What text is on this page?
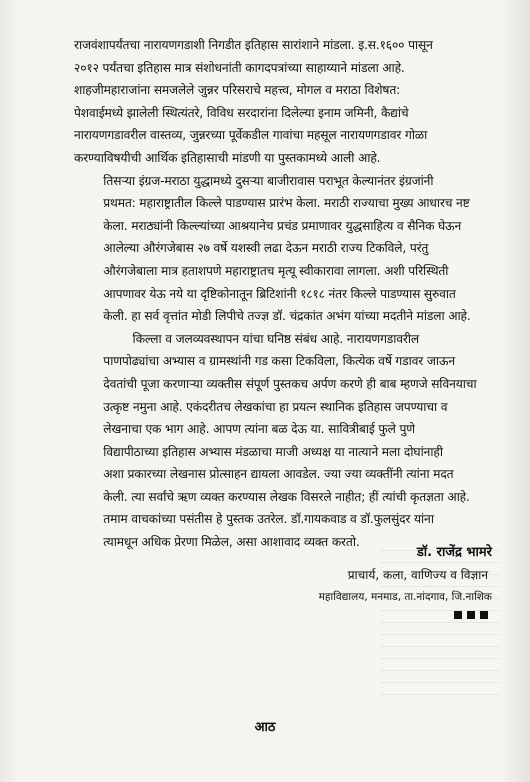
राजवंशापर्यंतचा नारायणगडाशी निगडीत इतिहास सारांशाने मांडला. इ.स.१६०० पासून
२०१२ पर्यंतचा इतिहास मात्र संशोधनांती कागदपत्रांच्या साहाय्याने मांडला आहे.
शाहजीमहाराजांना समजलेले जुन्नर परिसराचे महत्त्व, मोगल व मराठा विशेषत:
पेशवाईमध्ये झालेली स्थित्यंतरे, विविध सरदारांना दिलेल्या इनाम जमिनी, कैद्यांचे
नारायणगडावरील वास्तव्य, जुन्नरच्या पूर्वेकडील गावांचा महसूल नारायणगडावर गोळा
करण्याविषयीची आर्थिक इतिहासाची मांडणी या पुस्तकामध्ये आली आहे.

तिसऱ्या इंग्रज-मराठा युद्धामध्ये दुसऱ्या बाजीरावास पराभूत केल्यानंतर इंग्रजांनी
प्रथमत: महाराष्ट्रातील किल्ले पाडण्यास प्रारंभ केला. मराठी राज्याचा मुख्य आधारच नष्ट
केला. मराठ्यांनी किल्ल्यांच्या आश्रयानेच प्रचंड प्रमाणावर युद्धसाहित्य व सैनिक घेऊन
आलेल्या औरंगजेबास २७ वर्षे यशस्वी लढा देऊन मराठी राज्य टिकविले, परंतु
औरंगजेबाला मात्र हताशपणे महाराष्ट्रातच मृत्यू स्वीकारावा लागला. अशी परिस्थिती
आपणावर येऊ नये या दृष्टिकोनातून ब्रिटिशांनी १८१८ नंतर किल्ले पाडण्यास सुरुवात
केली. हा सर्व वृत्तांत मोडी लिपीचे तज्ज्ञ डॉ. चंद्रकांत अभंग यांच्या मदतीने मांडला आहे.

किल्ला व जलव्यवस्थापन यांचा घनिष्ठ संबंध आहे. नारायणगडावरील
पाणपोढ्यांचा अभ्यास व ग्रामस्थांनी गड कसा टिकविला, कित्येक वर्षे गडावर जाऊन
देवतांची पूजा करणाऱ्या व्यक्तीस संपूर्ण पुस्तकच अर्पण करणे ही बाब म्हणजे सविनयाचा
उत्कृष्ट नमुना आहे. एकंदरीतच लेखकांचा हा प्रयत्न स्थानिक इतिहास जपण्याचा व
लेखनाचा एक भाग आहे. आपण त्यांना बळ देऊ या. सावित्रीबाई फुले पुणे
विद्यापीठाच्या इतिहास अभ्यास मंडळाचा माजी अध्यक्ष या नात्याने मला दोघांनाही
अशा प्रकारच्या लेखनास प्रोत्साहन द्यायला आवडेल. ज्या ज्या व्यक्तींनी त्यांना मदत
केली. त्या सर्वांचे ऋण व्यक्त करण्यास लेखक विसरले नाहीत; हीं त्यांची कृतज्ञता आहे.
तमाम वाचकांच्या पसंतीस हे पुस्तक उतरेल. डॉ.गायकवाड व डॉ.फुलसुंदर यांना
त्यामधून अधिक प्रेरणा मिळेल, असा आशावाद व्यक्त करतो.

डॉ. राजेंद्र भामरे
प्राचार्य, कला, वाणिज्य व विज्ञान
महाविद्यालय, मनमाड, ता.नांदगाव, जि.नाशिक
आठ
